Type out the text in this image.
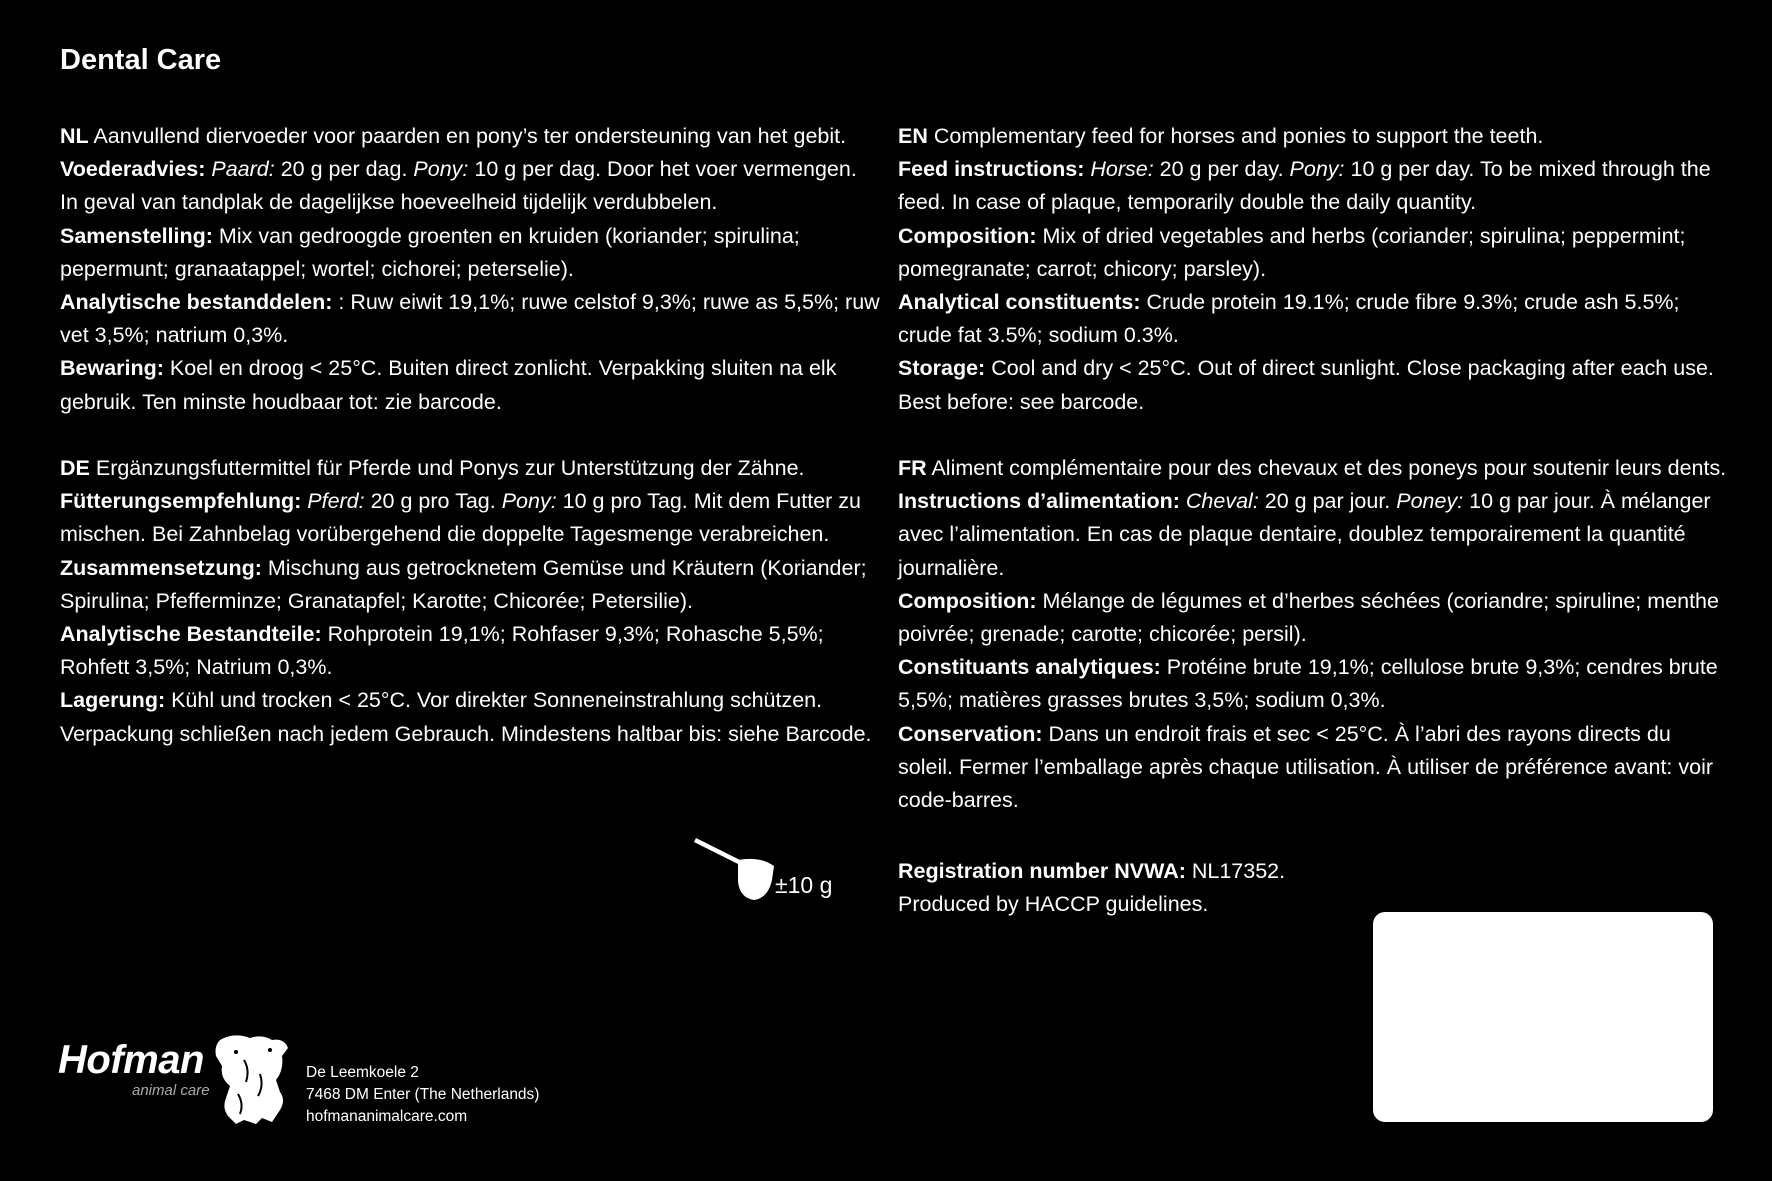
Dental Care

NL Aanvullend diervoeder voor paarden en pony’s ter ondersteuning van het gebit.

Voederadvies: Paard: 20 g per dag. Pony: 10 g per dag. Door het voer vermengen. In geval van tandplak de dagelijkse hoeveelheid tijdelijk verdubbelen.

Samenstelling: Mix van gedroogde groenten en kruiden (koriander; spirulina; pepermunt; granaatappel; wortel; cichorei; peterselie).

Analytische bestanddelen: : Ruw eiwit 19,1%; ruwe celstof 9,3%; ruwe as 5,5%; ruw vet 3,5%; natrium 0,3%.

Bewaring: Koel en droog < 25°C. Buiten direct zonlicht. Verpakking sluiten na elk gebruik. Ten minste houdbaar tot: zie barcode.

DE Ergänzungsfuttermittel für Pferde und Ponys zur Unterstützung der Zähne.

Fütterungsempfehlung: Pferd: 20 g pro Tag. Pony: 10 g pro Tag. Mit dem Futter zu mischen. Bei Zahnbelag vorübergehend die doppelte Tagesmenge verabreichen.

Zusammensetzung: Mischung aus getrocknetem Gemüse und Kräutern (Koriander; Spirulina; Pfefferminze; Granatapfel; Karotte; Chicorée; Petersilie).

Analytische Bestandteile: Rohprotein 19,1%; Rohfaser 9,3%; Rohasche 5,5%; Rohfett 3,5%; Natrium 0,3%.

Lagerung: Kühl und trocken < 25°C. Vor direkter Sonneneinstrahlung schützen. Verpackung schließen nach jedem Gebrauch. Mindestens haltbar bis: siehe Barcode.

EN Complementary feed for horses and ponies to support the teeth.

Feed instructions: Horse: 20 g per day. Pony: 10 g per day. To be mixed through the feed. In case of plaque, temporarily double the daily quantity.

Composition: Mix of dried vegetables and herbs (coriander; spirulina; peppermint; pomegranate; carrot; chicory; parsley).

Analytical constituents: Crude protein 19.1%; crude fibre 9.3%; crude ash 5.5%; crude fat 3.5%; sodium 0.3%.

Storage: Cool and dry < 25°C. Out of direct sunlight. Close packaging after each use. Best before: see barcode.

FR Aliment complémentaire pour des chevaux et des poneys pour soutenir leurs dents.

Instructions d’alimentation: Cheval: 20 g par jour. Poney: 10 g par jour. À mélanger avec l’alimentation. En cas de plaque dentaire, doublez temporairement la quantité journalière.

Composition: Mélange de légumes et d’herbes séchées (coriandre; spiruline; menthe poivrée; grenade; carotte; chicorée; persil).

Constituants analytiques: Protéine brute 19,1%; cellulose brute 9,3%; cendres brute 5,5%; matières grasses brutes 3,5%; sodium 0,3%.

Conservation: Dans un endroit frais et sec < 25°C. À l’abri des rayons directs du soleil. Fermer l’emballage après chaque utilisation. À utiliser de préférence avant: voir code-barres.

±10 g

Registration number NVWA: NL17352.

Produced by HACCP guidelines.

Hofman
animal care

De Leemkoele 2

7468 DM Enter (The Netherlands)

hofmananimalcare.com
